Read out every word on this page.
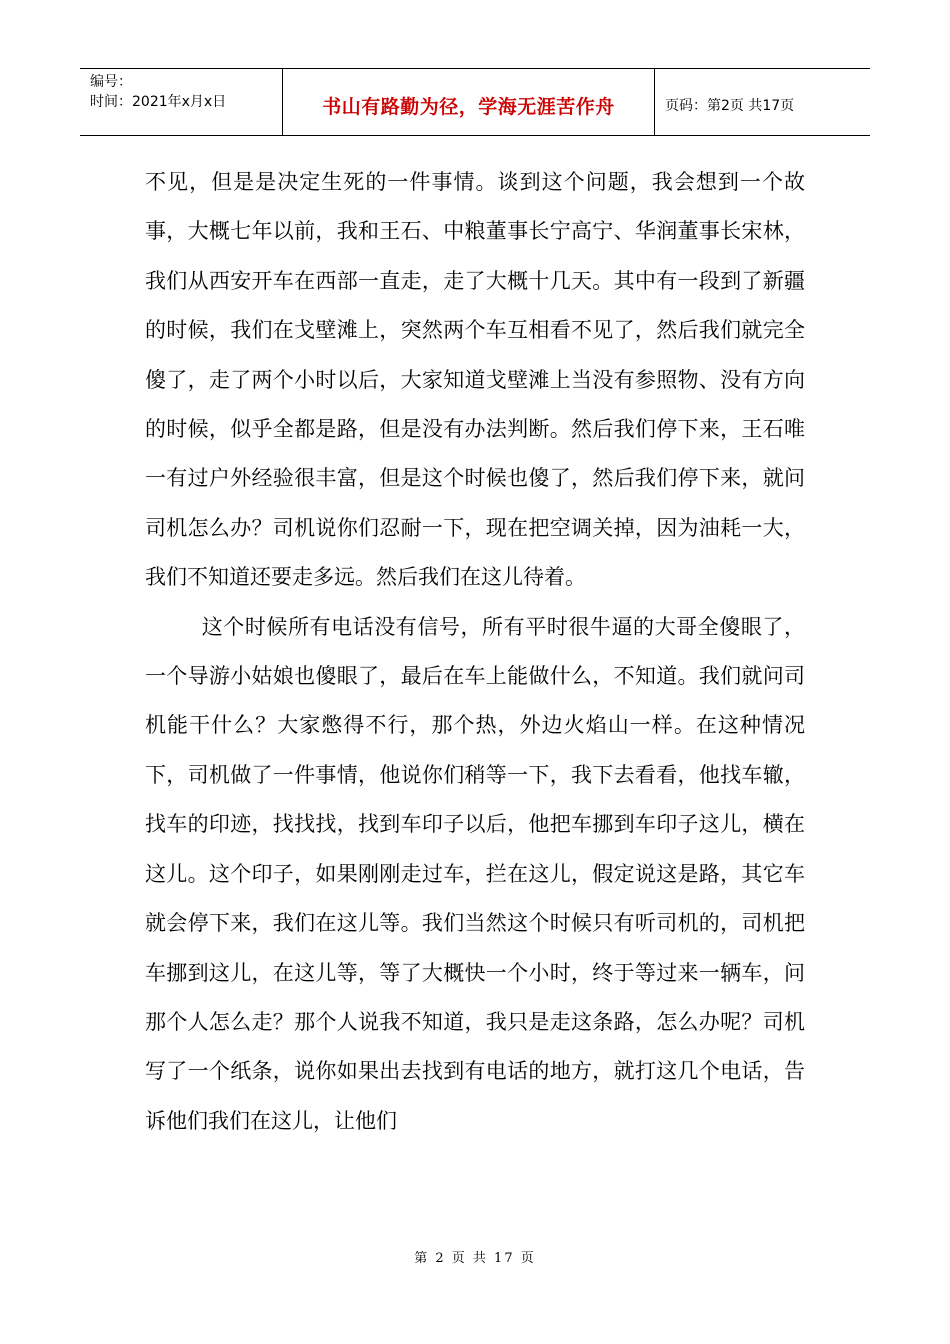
编号：
时间：2021年x月x日	书山有路勤为径，学海无涯苦作舟	页码：第2页 共17页

不见，但是是决定生死的一件事情。谈到这个问题，我会想到一个故事，大概七年以前，我和王石、中粮董事长宁高宁、华润董事长宋林，我们从西安开车在西部一直走，走了大概十几天。其中有一段到了新疆的时候，我们在戈壁滩上，突然两个车互相看不见了，然后我们就完全傻了，走了两个小时以后，大家知道戈壁滩上当没有参照物、没有方向的时候，似乎全都是路，但是没有办法判断。然后我们停下来，王石唯一有过户外经验很丰富，但是这个时候也傻了，然后我们停下来，就问司机怎么办？司机说你们忍耐一下，现在把空调关掉，因为油耗一大，我们不知道还要走多远。然后我们在这儿待着。

这个时候所有电话没有信号，所有平时很牛逼的大哥全傻眼了，一个导游小姑娘也傻眼了，最后在车上能做什么，不知道。我们就问司机能干什么？大家憋得不行，那个热，外边火焰山一样。在这种情况下，司机做了一件事情，他说你们稍等一下，我下去看看，他找车辙，找车的印迹，找找找，找到车印子以后，他把车挪到车印子这儿，横在这儿。这个印子，如果刚刚走过车，拦在这儿，假定说这是路，其它车就会停下来，我们在这儿等。我们当然这个时候只有听司机的，司机把车挪到这儿，在这儿等，等了大概快一个小时，终于等过来一辆车，问那个人怎么走？那个人说我不知道，我只是走这条路，怎么办呢？司机写了一个纸条，说你如果出去找到有电话的地方，就打这几个电话，告诉他们我们在这儿，让他们

第 2 页 共 17 页
